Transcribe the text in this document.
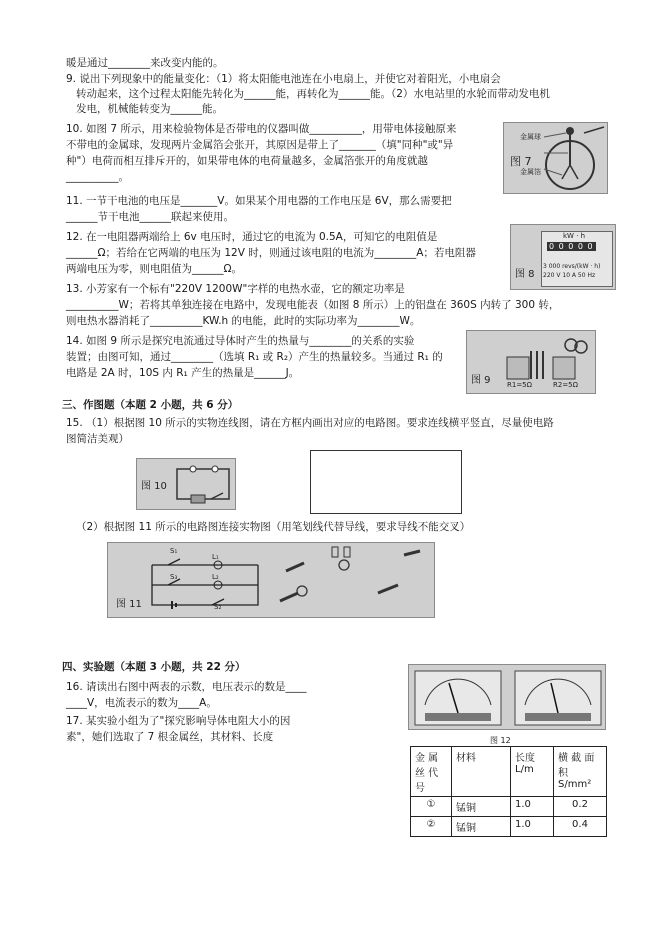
暖是通过________来改变内能的。
9. 说出下列现象中的能量变化：（1）将太阳能电池连在小电扇上，并使它对着阳光，小电扇会
转动起来，这个过程太阳能先转化为______能，再转化为______能。（2）水电站里的水轮而带动发电机
发电，机械能转变为______能。
10. 如图 7 所示，用来检验物体是否带电的仪器叫做__________，用带电体接触原来
不带电的金属球，发现两片金属箔会张开，其原因是带上了_______（填"同种"或"异
种"）电荷而相互排斥开的，如果带电体的电荷量越多，金属箔张开的角度就越
__________。
图 7
金属球
金属箔
11. 一节干电池的电压是_______V。如果某个用电器的工作电压是 6V，那么需要把
______节干电池______联起来使用。
12. 在一电阻器两端给上 6v 电压时，通过它的电流为 0.5A，可知它的电阻值是
______Ω；若给在它两端的电压为 12V 时，则通过该电阻的电流为________A；若电阻器
两端电压为零，则电阻值为______Ω。
kW · h
0 0 0 0 0
3 000 revs/(kW · h)
220 V 10 A 50 Hz
图 8
13. 小芳家有一个标有"220V 1200W"字样的电热水壶，它的额定功率是
__________W；若将其单独连接在电路中，发现电能表（如图 8 所示）上的铝盘在 360S 内转了 300 转，
则电热水器消耗了__________KW.h 的电能，此时的实际功率为________W。
14. 如图 9 所示是探究电流通过导体时产生的热量与________的关系的实验
装置；由图可知，通过________（选填 R₁ 或 R₂）产生的热量较多。当通过 R₁ 的
电路是 2A 时，10S 内 R₁ 产生的热量是______J。
图 9 R1=5Ω	R2=5Ω
三、作图题（本题 2 小题，共 6 分）
15. （1）根据图 10 所示的实物连线图，请在方框内画出对应的电路图。要求连线横平竖直，尽量使电路
图简洁美观）
图 10
（2）根据图 11 所示的电路图连接实物图（用笔划线代替导线，要求导线不能交叉）
图 11
S₁
S₂
S₃
L₁
L₂
四、实验题（本题 3 小题，共 22 分）
16. 请读出右图中两表的示数，电压表示的数是____
____V，电流表示的数为____A。
17. 某实验小组为了"探究影响导体电阻大小的因
素"，她们选取了 7 根金属丝，其材料、长度	图 12
金 属 丝 代 号	材料	长度 L/m	横 截 面 积 S/mm²
①	锰铜	1.0	0.2
②	锰铜	1.0	0.4
